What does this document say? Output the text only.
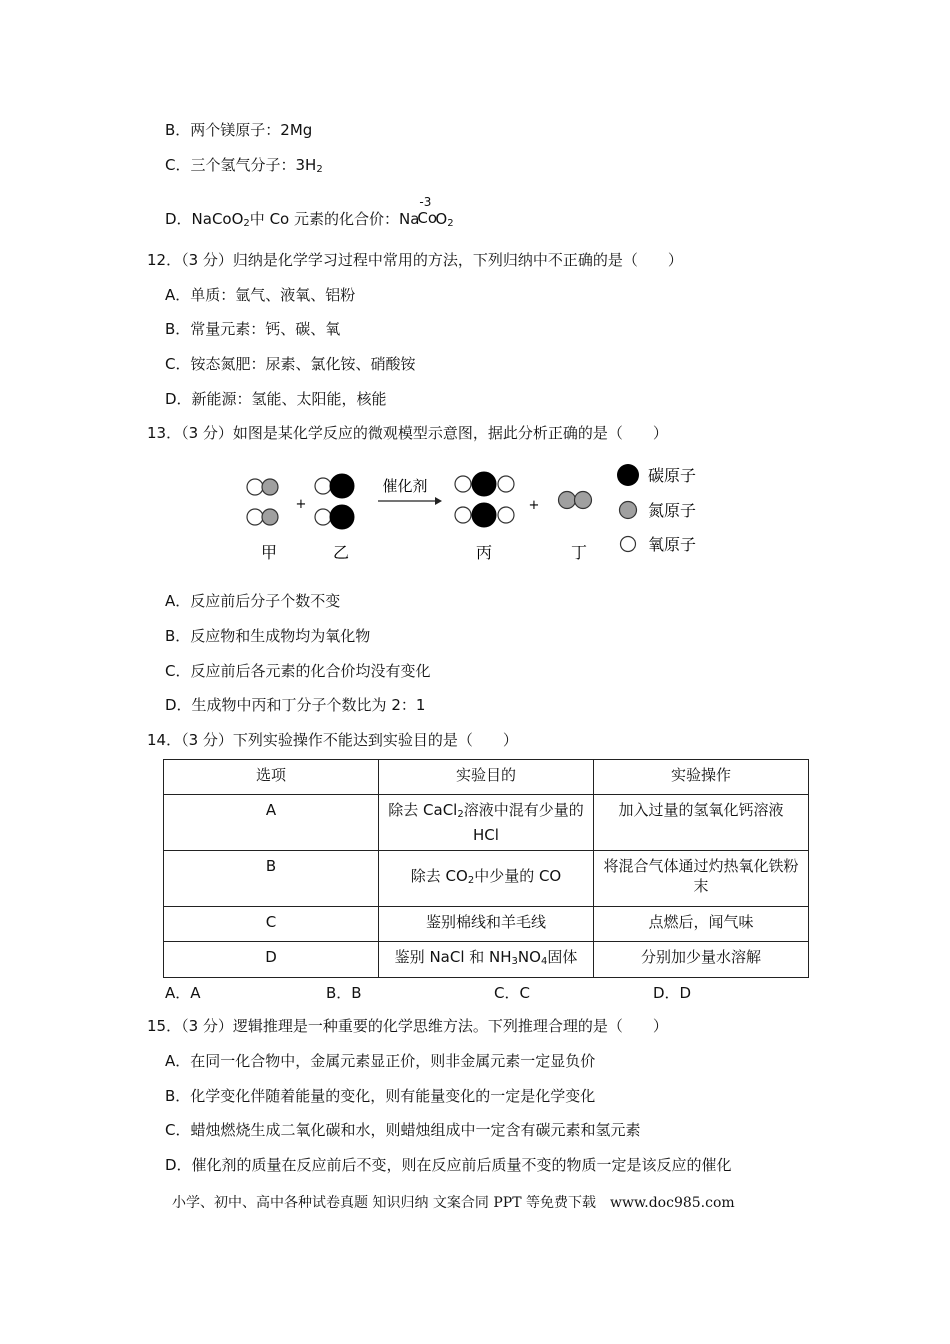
B．两个镁原子：2Mg
C．三个氢气分子：$3H_2$
D．NaCoO$_2$中 Co 元素的化合价：Na
-3
Co
$O_2$
12．（3 分）归纳是化学学习过程中常用的方法，下列归纳中不正确的是（　　）
A．单质：氩气、液氧、铝粉
B．常量元素：钙、碳、氧
C．铵态氮肥：尿素、氯化铵、硝酸铵
D．新能源：氢能、太阳能，核能
13．（3 分）如图是某化学反应的微观模型示意图，据此分析正确的是（　　）
+
催化剂
+
甲	乙	丙	丁
碳原子
氮原子
氧原子
A．反应前后分子个数不变
B．反应物和生成物均为氧化物
C．反应前后各元素的化合价均没有变化
D．生成物中丙和丁分子个数比为 2：1
14．（3 分）下列实验操作不能达到实验目的是（　　）
选项	实验目的	实验操作
A	除去 CaCl$_2$溶液中混有少量的 HCl	加入过量的氢氧化钙溶液
B	除去 $CO_2$中少量的 CO	将混合气体通过灼热氧化铁粉末
C	鉴别棉线和羊毛线	点燃后，闻气味
D	鉴别 NaCl 和 $NH_3NO_4$固体	分别加少量水溶解
A．A	B．B	C．C	D．D
15．（3 分）逻辑推理是一种重要的化学思维方法。下列推理合理的是（　　）
A．在同一化合物中，金属元素显正价，则非金属元素一定显负价
B．化学变化伴随着能量的变化，则有能量变化的一定是化学变化
C．蜡烛燃烧生成二氧化碳和水，则蜡烛组成中一定含有碳元素和氢元素
D．催化剂的质量在反应前后不变，则在反应前后质量不变的物质一定是该反应的催化
小学、初中、高中各种试卷真题 知识归纳 文案合同 PPT 等免费下载　www.doc985.com
